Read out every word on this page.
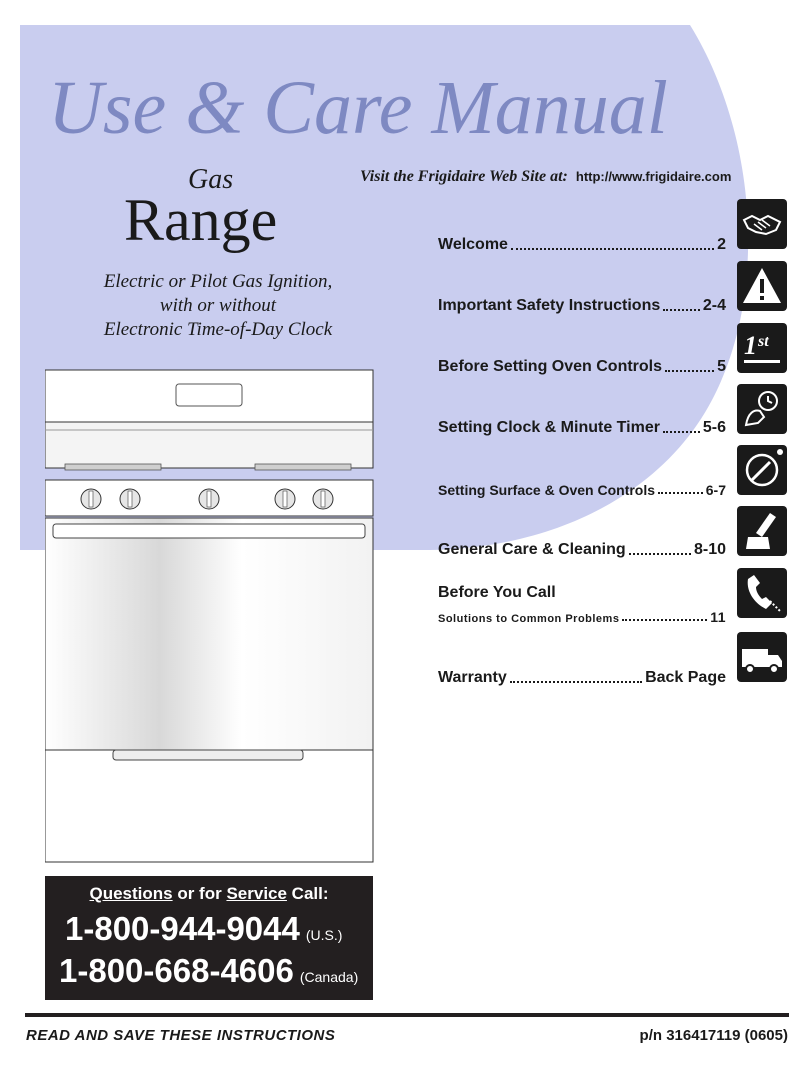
Use & Care Manual
Gas
Range
Electric or Pilot Gas Ignition,
with or without
Electronic Time-of-Day Clock
Visit the Frigidaire Web Site at: http://www.frigidaire.com
Welcome	2
Important Safety Instructions	2-4
Before Setting Oven Controls	5
Setting Clock & Minute Timer	5-6
Setting Surface & Oven Controls	6-7
General Care & Cleaning	8-10
Before You Call
Solutions to Common Problems	11
Warranty	Back Page
1 st
Questions or for Service Call:
1-800-944-9044 (U.S.)
1-800-668-4606 (Canada)
READ AND SAVE THESE INSTRUCTIONS	p/n 316417119 (0605)
